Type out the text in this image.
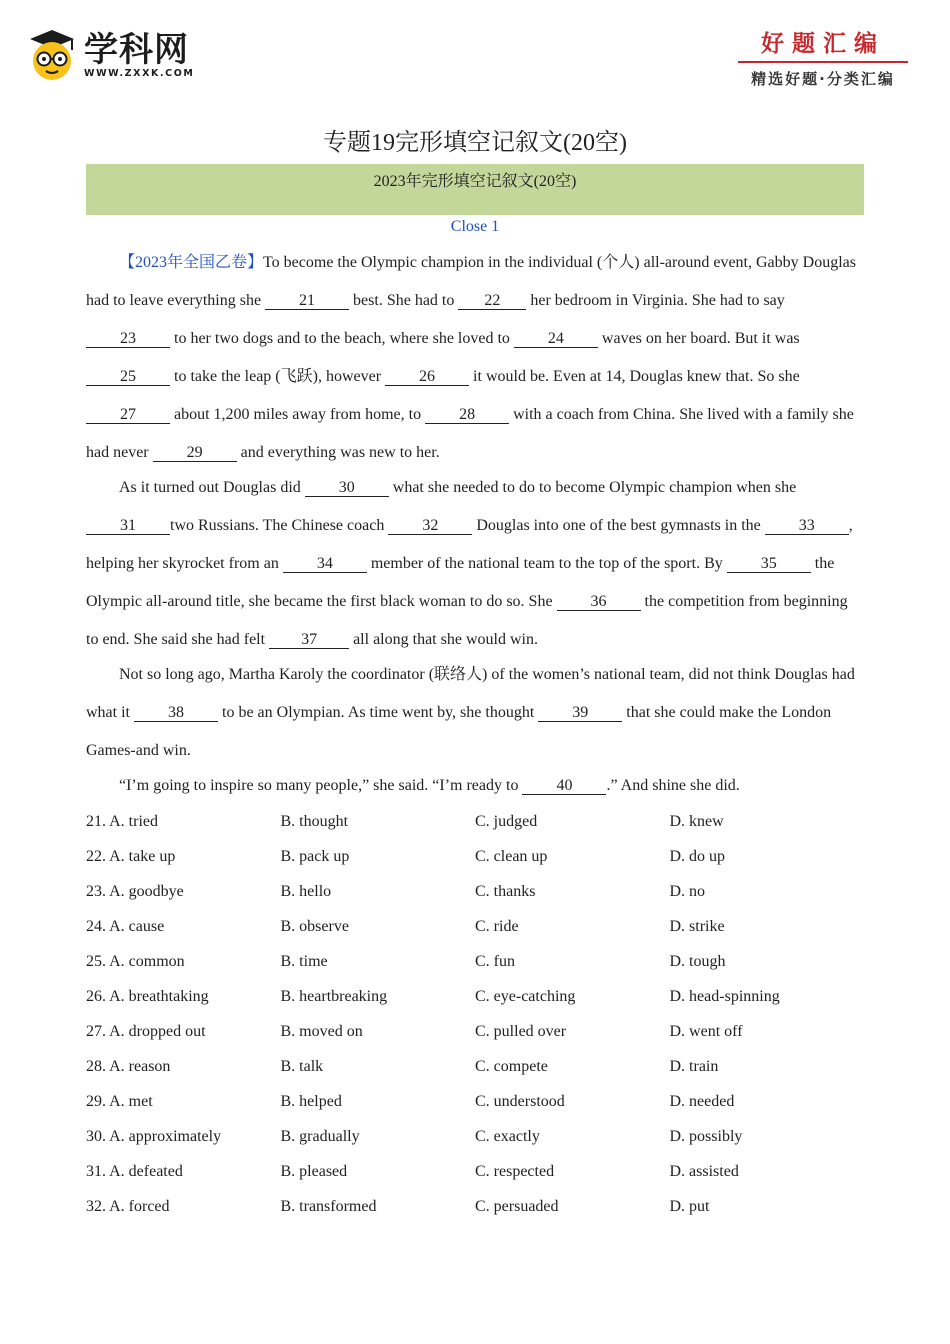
学科网
WWW.ZXXK.COM
好题汇编
精选好题·分类汇编
专题19完形填空记叙文(20空)
2023年完形填空记叙文(20空)
Close 1
【2023年全国乙卷】To become the Olympic champion in the individual (个人) all-around event, Gabby Douglas had to leave everything she 21 best. She had to 22 her bedroom in Virginia. She had to say 23 to her two dogs and to the beach, where she loved to 24 waves on her board. But it was 25 to take the leap (飞跃), however 26 it would be. Even at 14, Douglas knew that. So she 27 about 1,200 miles away from home, to 28 with a coach from China. She lived with a family she had never 29 and everything was new to her.
As it turned out Douglas did 30 what she needed to do to become Olympic champion when she 31 two Russians. The Chinese coach 32 Douglas into one of the best gymnasts in the 33 , helping her skyrocket from an 34 member of the national team to the top of the sport. By 35 the Olympic all-around title, she became the first black woman to do so. She 36 the competition from beginning to end. She said she had felt 37 all along that she would win.
Not so long ago, Martha Karoly the coordinator (联络人) of the women’s national team, did not think Douglas had what it 38 to be an Olympian. As time went by, she thought 39 that she could make the London Games-and win.
“I’m going to inspire so many people,” she said. “I’m ready to 40 .” And shine she did.
21. A. tried	B. thought	C. judged	D. knew
22. A. take up	B. pack up	C. clean up	D. do up
23. A. goodbye	B. hello	C. thanks	D. no
24. A. cause	B. observe	C. ride	D. strike
25. A. common	B. time	C. fun	D. tough
26. A. breathtaking	B. heartbreaking	C. eye-catching	D. head-spinning
27. A. dropped out	B. moved on	C. pulled over	D. went off
28. A. reason	B. talk	C. compete	D. train
29. A. met	B. helped	C. understood	D. needed
30. A. approximately	B. gradually	C. exactly	D. possibly
31. A. defeated	B. pleased	C. respected	D. assisted
32. A. forced	B. transformed	C. persuaded	D. put
